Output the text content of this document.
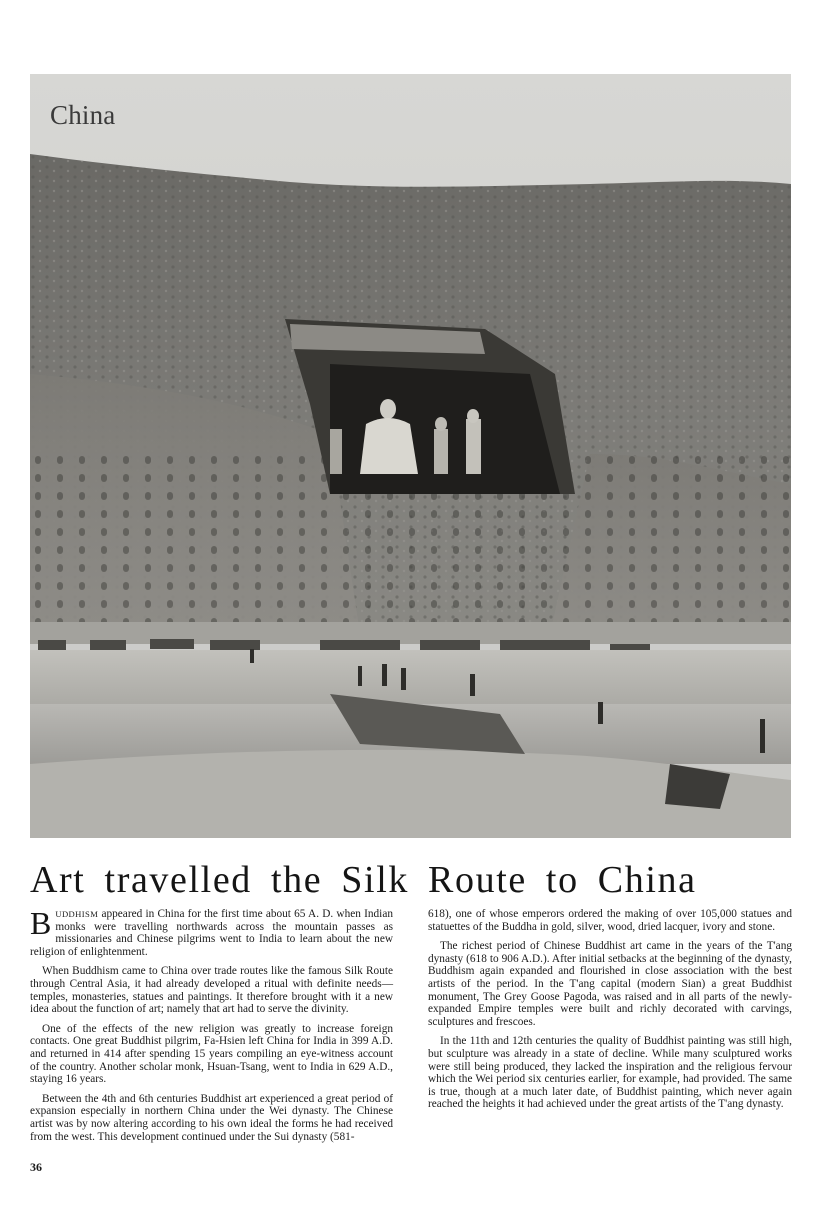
China
Art travelled the Silk Route to China

BUDDHISM appeared in China for the first time about 65 A. D. when Indian monks were travelling northwards across the mountain passes as missionaries and Chinese pilgrims went to India to learn about the new religion of enlightenment.

When Buddhism came to China over trade routes like the famous Silk Route through Central Asia, it had already developed a ritual with definite needs—temples, monasteries, statues and paintings. It therefore brought with it a new idea about the function of art; namely that art had to serve the divinity.

One of the effects of the new religion was greatly to increase foreign contacts. One great Buddhist pilgrim, Fa-Hsien left China for India in 399 A.D. and returned in 414 after spending 15 years compiling an eye-witness account of the country. Another scholar monk, Hsuan-Tsang, went to India in 629 A.D., staying 16 years.

Between the 4th and 6th centuries Buddhist art experienced a great period of expansion especially in northern China under the Wei dynasty. The Chinese artist was by now altering according to his own ideal the forms he had received from the west. This development continued under the Sui dynasty (581-

618), one of whose emperors ordered the making of over 105,000 statues and statuettes of the Buddha in gold, silver, wood, dried lacquer, ivory and stone.

The richest period of Chinese Buddhist art came in the years of the T'ang dynasty (618 to 906 A.D.). After initial setbacks at the beginning of the dynasty, Buddhism again expanded and flourished in close association with the best artists of the period. In the T'ang capital (modern Sian) a great Buddhist monument, The Grey Goose Pagoda, was raised and in all parts of the newly-expanded Empire temples were built and richly decorated with carvings, sculptures and frescoes.

In the 11th and 12th centuries the quality of Buddhist painting was still high, but sculpture was already in a state of decline. While many sculptured works were still being produced, they lacked the inspiration and the religious fervour which the Wei period six centuries earlier, for example, had provided. The same is true, though at a much later date, of Buddhist painting, which never again reached the heights it had achieved under the great artists of the T'ang dynasty.

36
